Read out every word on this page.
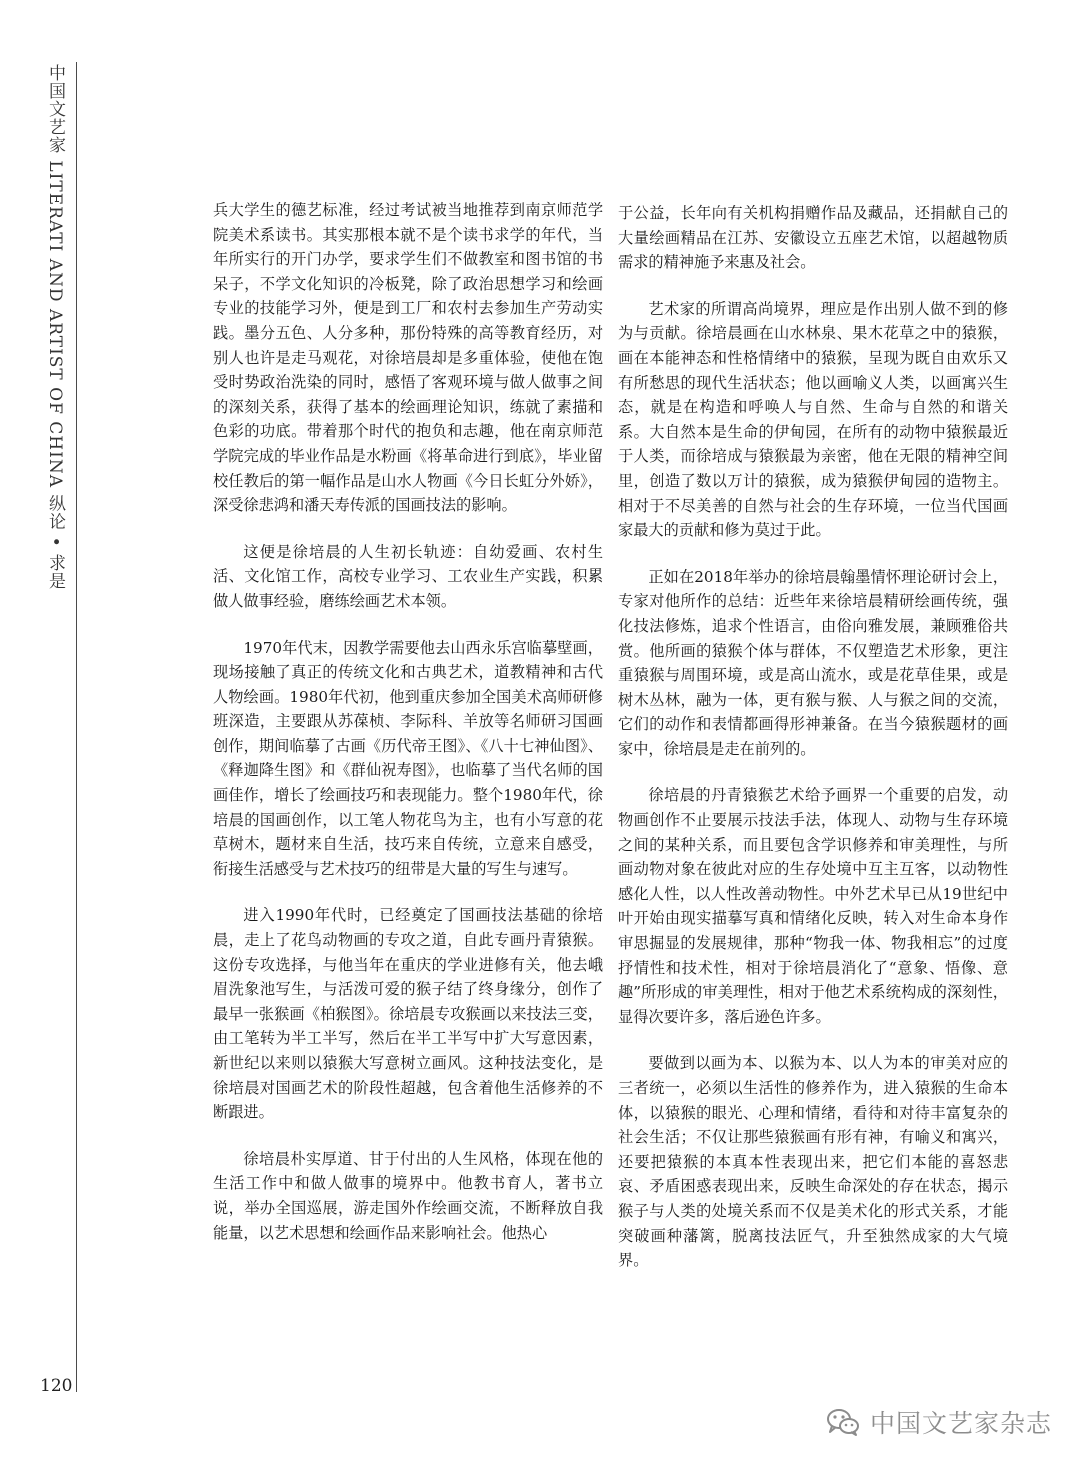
中国文艺家 LITERATI AND ARTIST OF CHINA 纵论 • 求是	兵大学生的德艺标准，经过考试被当地推荐到南京师范学院美术系读书。其实那根本就不是个读书求学的年代，当年所实行的开门办学，要求学生们不做教室和图书馆的书呆子，不学文化知识的冷板凳，除了政治思想学习和绘画专业的技能学习外，便是到工厂和农村去参加生产劳动实践。墨分五色、人分多种，那份特殊的高等教育经历，对别人也许是走马观花，对徐培晨却是多重体验，使他在饱受时势政治洗染的同时，感悟了客观环境与做人做事之间的深刻关系，获得了基本的绘画理论知识，练就了素描和色彩的功底。带着那个时代的抱负和志趣，他在南京师范学院完成的毕业作品是水粉画《将革命进行到底》，毕业留校任教后的第一幅作品是山水人物画《今日长虹分外娇》，深受徐悲鸿和潘天寿传派的国画技法的影响。

这便是徐培晨的人生初长轨迹：自幼爱画、农村生活、文化馆工作，高校专业学习、工农业生产实践，积累做人做事经验，磨练绘画艺术本领。

1970年代末，因教学需要他去山西永乐宫临摹壁画，现场接触了真正的传统文化和古典艺术，道教精神和古代人物绘画。1980年代初，他到重庆参加全国美术高师研修班深造，主要跟从苏葆桢、李际科、羊放等名师研习国画创作，期间临摹了古画《历代帝王图》、《八十七神仙图》、《释迦降生图》和《群仙祝寿图》，也临摹了当代名师的国画佳作，增长了绘画技巧和表现能力。整个1980年代，徐培晨的国画创作，以工笔人物花鸟为主，也有小写意的花草树木，题材来自生活，技巧来自传统，立意来自感受，衔接生活感受与艺术技巧的纽带是大量的写生与速写。

进入1990年代时，已经奠定了国画技法基础的徐培晨，走上了花鸟动物画的专攻之道，自此专画丹青猿猴。这份专攻选择，与他当年在重庆的学业进修有关，他去峨眉洗象池写生，与活泼可爱的猴子结了终身缘分，创作了最早一张猴画《柏猴图》。徐培晨专攻猴画以来技法三变，由工笔转为半工半写，然后在半工半写中扩大写意因素，新世纪以来则以猿猴大写意树立画风。这种技法变化，是徐培晨对国画艺术的阶段性超越，包含着他生活修养的不断跟进。

徐培晨朴实厚道、甘于付出的人生风格，体现在他的生活工作中和做人做事的境界中。他教书育人，著书立说，举办全国巡展，游走国外作绘画交流，不断释放自我能量，以艺术思想和绘画作品来影响社会。他热心

于公益，长年向有关机构捐赠作品及藏品，还捐献自己的大量绘画精品在江苏、安徽设立五座艺术馆，以超越物质需求的精神施予来惠及社会。

艺术家的所谓高尚境界，理应是作出别人做不到的修为与贡献。徐培晨画在山水林泉、果木花草之中的猿猴，画在本能神态和性格情绪中的猿猴，呈现为既自由欢乐又有所愁思的现代生活状态；他以画喻义人类，以画寓兴生态，就是在构造和呼唤人与自然、生命与自然的和谐关系。大自然本是生命的伊甸园，在所有的动物中猿猴最近于人类，而徐培成与猿猴最为亲密，他在无限的精神空间里，创造了数以万计的猿猴，成为猿猴伊甸园的造物主。相对于不尽美善的自然与社会的生存环境，一位当代国画家最大的贡献和修为莫过于此。

正如在2018年举办的徐培晨翰墨情怀理论研讨会上，专家对他所作的总结：近些年来徐培晨精研绘画传统，强化技法修炼，追求个性语言，由俗向雅发展，兼顾雅俗共赏。他所画的猿猴个体与群体，不仅塑造艺术形象，更注重猿猴与周围环境，或是高山流水，或是花草佳果，或是树木丛林，融为一体，更有猴与猴、人与猴之间的交流，它们的动作和表情都画得形神兼备。在当今猿猴题材的画家中，徐培晨是走在前列的。

徐培晨的丹青猿猴艺术给予画界一个重要的启发，动物画创作不止要展示技法手法，体现人、动物与生存环境之间的某种关系，而且要包含学识修养和审美理性，与所画动物对象在彼此对应的生存处境中互主互客，以动物性感化人性，以人性改善动物性。中外艺术早已从19世纪中叶开始由现实描摹写真和情绪化反映，转入对生命本身作审思掘显的发展规律，那种“物我一体、物我相忘”的过度抒情性和技术性，相对于徐培晨消化了“意象、悟像、意趣”所形成的审美理性，相对于他艺术系统构成的深刻性，显得次要许多，落后逊色许多。

要做到以画为本、以猴为本、以人为本的审美对应的三者统一，必须以生活性的修养作为，进入猿猴的生命本体，以猿猴的眼光、心理和情绪，看待和对待丰富复杂的社会生活；不仅让那些猿猴画有形有神，有喻义和寓兴，还要把猿猴的本真本性表现出来，把它们本能的喜怒悲哀、矛盾困惑表现出来，反映生命深处的存在状态，揭示猴子与人类的处境关系而不仅是美术化的形式关系，才能突破画种藩篱，脱离技法匠气，升至独然成家的大气境界。

120
中国文艺家杂志
